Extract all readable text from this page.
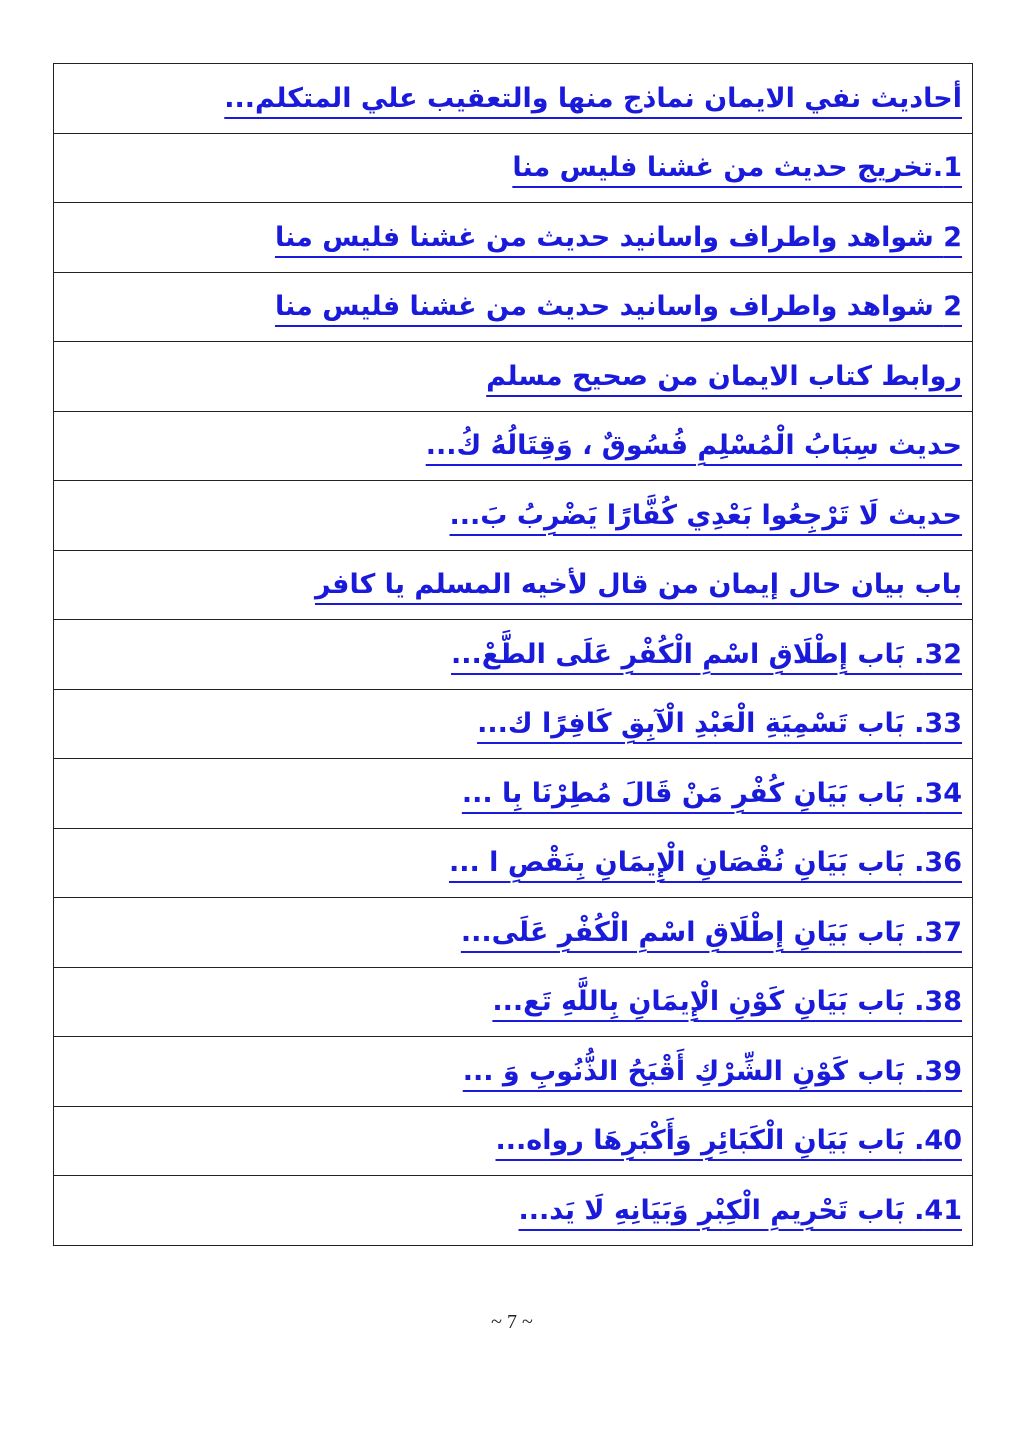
أحاديث نفي الايمان نماذج منها والتعقيب علي المتكلم...
1.تخريج حديث من غشنا فليس منا
2 شواهد واطراف واسانيد حديث من غشنا فليس منا
2 شواهد واطراف واسانيد حديث من غشنا فليس منا
روابط كتاب الايمان من صحيح مسلم
حديث سِبَابُ الْمُسْلِمِ فُسُوقٌ ، وَقِتَالُهُ كُ...
حديث لَا تَرْجِعُوا بَعْدِي كُفَّارًا يَضْرِبُ بَ...
باب بيان حال إيمان من قال لأخيه المسلم يا كافر
32. بَاب إِطْلَاقِ اسْمِ الْكُفْرِ عَلَى الطَّعْ...
33. بَاب تَسْمِيَةِ الْعَبْدِ الْآبِقِ كَافِرًا ك...
34. بَاب بَيَانِ كُفْرِ مَنْ قَالَ مُطِرْنَا بِا ...
36. بَاب بَيَانِ نُقْصَانِ الْإِيمَانِ بِنَقْصِ ا ...
37. بَاب بَيَانِ إِطْلَاقِ اسْمِ الْكُفْرِ عَلَى...
38. بَاب بَيَانِ كَوْنِ الْإِيمَانِ بِاللَّهِ تَع...
39. بَاب كَوْنِ الشِّرْكِ أَقْبَحُ الذُّنُوبِ وَ ...
40. بَاب بَيَانِ الْكَبَائِرِ وَأَكْبَرِهَا رواه...
41. بَاب تَحْرِيمِ الْكِبْرِ وَبَيَانِهِ لَا يَد...
~ 7 ~
